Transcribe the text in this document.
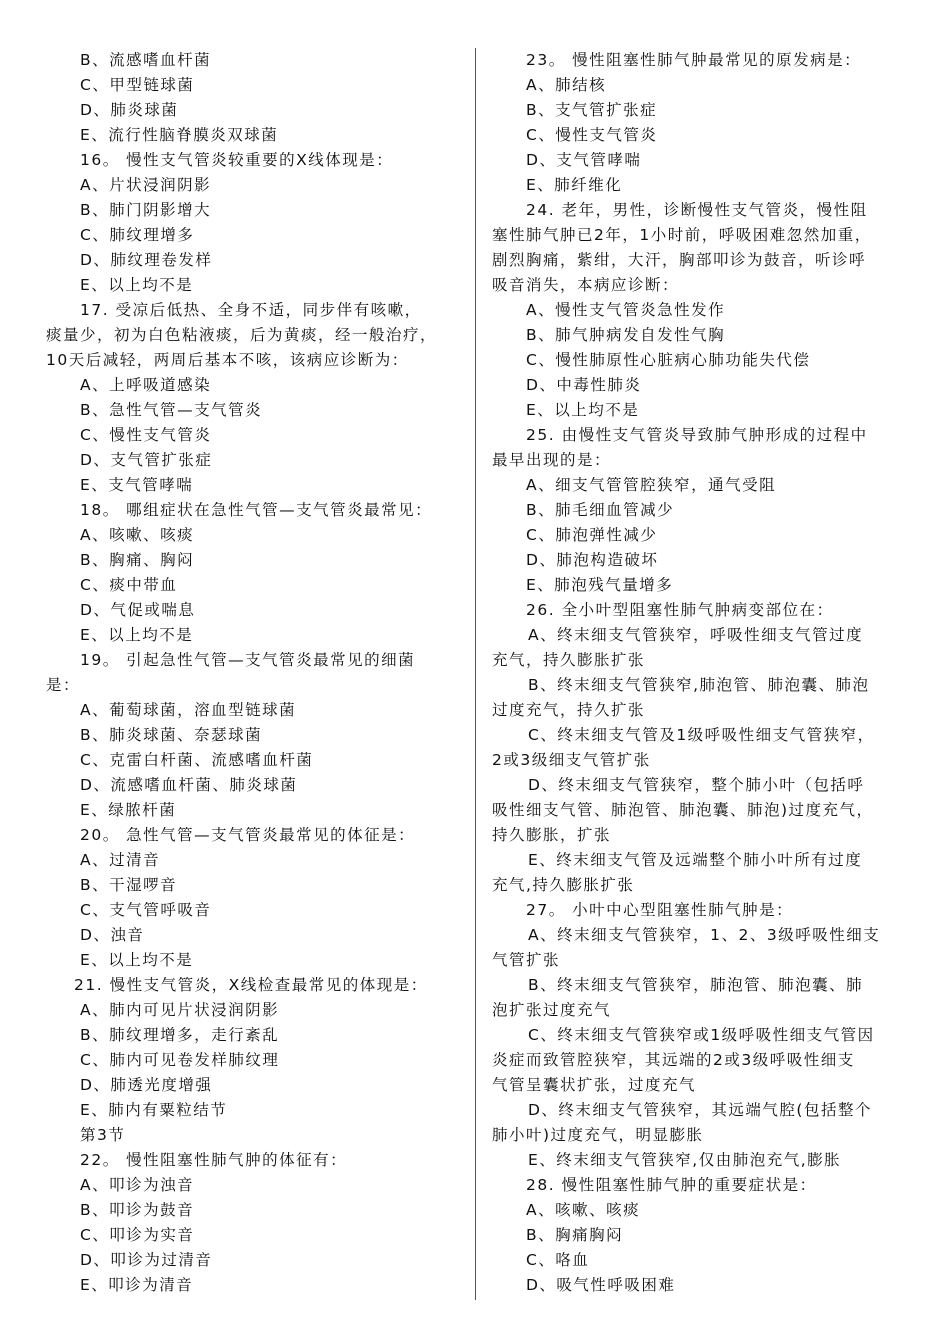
B、流感嗜血杆菌
C、甲型链球菌
D、肺炎球菌
E、流行性脑脊膜炎双球菌
16。 慢性支气管炎较重要的X线体现是：
A、片状浸润阴影
B、肺门阴影增大
C、肺纹理增多
D、肺纹理卷发样
E、以上均不是
17. 受凉后低热、全身不适，同步伴有咳嗽，
痰量少，初为白色粘液痰，后为黄痰，经一般治疗，
10天后减轻，两周后基本不咳，该病应诊断为：
A、上呼吸道感染
B、急性气管—支气管炎
C、慢性支气管炎
D、支气管扩张症
E、支气管哮喘
18。 哪组症状在急性气管—支气管炎最常见：
A、咳嗽、咳痰
B、胸痛、胸闷
C、痰中带血
D、气促或喘息
E、以上均不是
19。 引起急性气管—支气管炎最常见的细菌
是：
A、葡萄球菌，溶血型链球菌
B、肺炎球菌、奈瑟球菌
C、克雷白杆菌、流感嗜血杆菌
D、流感嗜血杆菌、肺炎球菌
E、绿脓杆菌
20。 急性气管—支气管炎最常见的体征是：
A、过清音
B、干湿啰音
C、支气管呼吸音
D、浊音
E、以上均不是
21. 慢性支气管炎，X线检查最常见的体现是：
A、肺内可见片状浸润阴影
B、肺纹理增多，走行紊乱
C、肺内可见卷发样肺纹理
D、肺透光度增强
E、肺内有粟粒结节
第3节
22。 慢性阻塞性肺气肿的体征有：
A、叩诊为浊音
B、叩诊为鼓音
C、叩诊为实音
D、叩诊为过清音
E、叩诊为清音
23。 慢性阻塞性肺气肿最常见的原发病是：
A、肺结核
B、支气管扩张症
C、慢性支气管炎
D、支气管哮喘
E、肺纤维化
24. 老年，男性，诊断慢性支气管炎，慢性阻
塞性肺气肿已2年，1小时前，呼吸困难忽然加重，
剧烈胸痛，紫绀，大汗，胸部叩诊为鼓音，听诊呼
吸音消失，本病应诊断：
A、慢性支气管炎急性发作
B、肺气肿病发自发性气胸
C、慢性肺原性心脏病心肺功能失代偿
D、中毒性肺炎
E、以上均不是
25. 由慢性支气管炎导致肺气肿形成的过程中
最早出现的是：
A、细支气管管腔狭窄，通气受阻
B、肺毛细血管减少
C、肺泡弹性减少
D、肺泡构造破坏
E、肺泡残气量增多
26. 全小叶型阻塞性肺气肿病变部位在：
A、终末细支气管狭窄，呼吸性细支气管过度
充气，持久膨胀扩张
B、终末细支气管狭窄,肺泡管、肺泡囊、肺泡
过度充气，持久扩张
C、终末细支气管及1级呼吸性细支气管狭窄，
2或3级细支气管扩张
D、终末细支气管狭窄，整个肺小叶（包括呼
吸性细支气管、肺泡管、肺泡囊、肺泡)过度充气，
持久膨胀，扩张
E、终末细支气管及远端整个肺小叶所有过度
充气,持久膨胀扩张
27。 小叶中心型阻塞性肺气肿是：
A、终末细支气管狭窄，1、2、3级呼吸性细支
气管扩张
B、终末细支气管狭窄，肺泡管、肺泡囊、肺
泡扩张过度充气
C、终末细支气管狭窄或1级呼吸性细支气管因
炎症而致管腔狭窄，其远端的2或3级呼吸性细支
气管呈囊状扩张，过度充气
D、终末细支气管狭窄，其远端气腔(包括整个
肺小叶)过度充气，明显膨胀
E、终末细支气管狭窄,仅由肺泡充气,膨胀
28. 慢性阻塞性肺气肿的重要症状是：
A、咳嗽、咳痰
B、胸痛胸闷
C、咯血
D、吸气性呼吸困难
